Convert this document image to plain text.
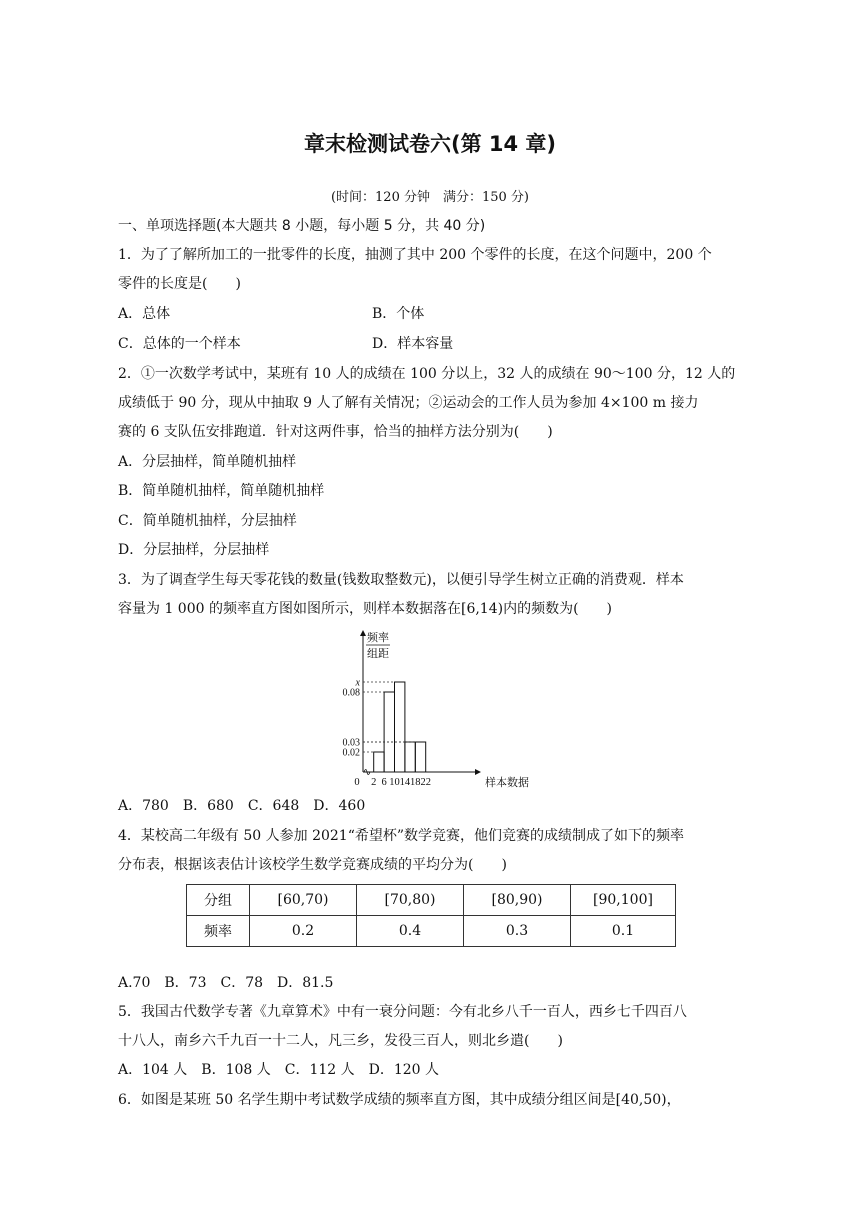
章末检测试卷六(第 14 章)
(时间：120 分钟　满分：150 分)
一、单项选择题(本大题共 8 小题，每小题 5 分，共 40 分)
1．为了了解所加工的一批零件的长度，抽测了其中 200 个零件的长度，在这个问题中，200 个
零件的长度是(　　)
A．总体	B．个体
C．总体的一个样本	D．样本容量
2．①一次数学考试中，某班有 10 人的成绩在 100 分以上，32 人的成绩在 90～100 分，12 人的
成绩低于 90 分，现从中抽取 9 人了解有关情况；②运动会的工作人员为参加 4×100 m 接力
赛的 6 支队伍安排跑道．针对这两件事，恰当的抽样方法分别为(　　)
A．分层抽样，简单随机抽样
B．简单随机抽样，简单随机抽样
C．简单随机抽样，分层抽样
D．分层抽样，分层抽样
3．为了调查学生每天零花钱的数量(钱数取整数元)，以便引导学生树立正确的消费观．样本
容量为 1 000 的频率直方图如图所示，则样本数据落在[6,14)内的频数为(　　)
0.02
0.03
0.08
x
2 6 10 14 18 22
0
频率
组距
样本数据
A．780　B．680　C．648　D．460
4．某校高二年级有 50 人参加 2021“希望杯”数学竞赛，他们竞赛的成绩制成了如下的频率
分布表，根据该表估计该校学生数学竞赛成绩的平均分为(　　)
分组	[60,70)	[70,80)	[80,90)	[90,100]
频率	0.2	0.4	0.3	0.1
A.70　B．73　C．78　D．81.5
5．我国古代数学专著《九章算术》中有一衰分问题：今有北乡八千一百人，西乡七千四百八
十八人，南乡六千九百一十二人，凡三乡，发役三百人，则北乡遣(　　)
A．104 人　B．108 人　C．112 人　D．120 人
6．如图是某班 50 名学生期中考试数学成绩的频率直方图，其中成绩分组区间是[40,50)，
